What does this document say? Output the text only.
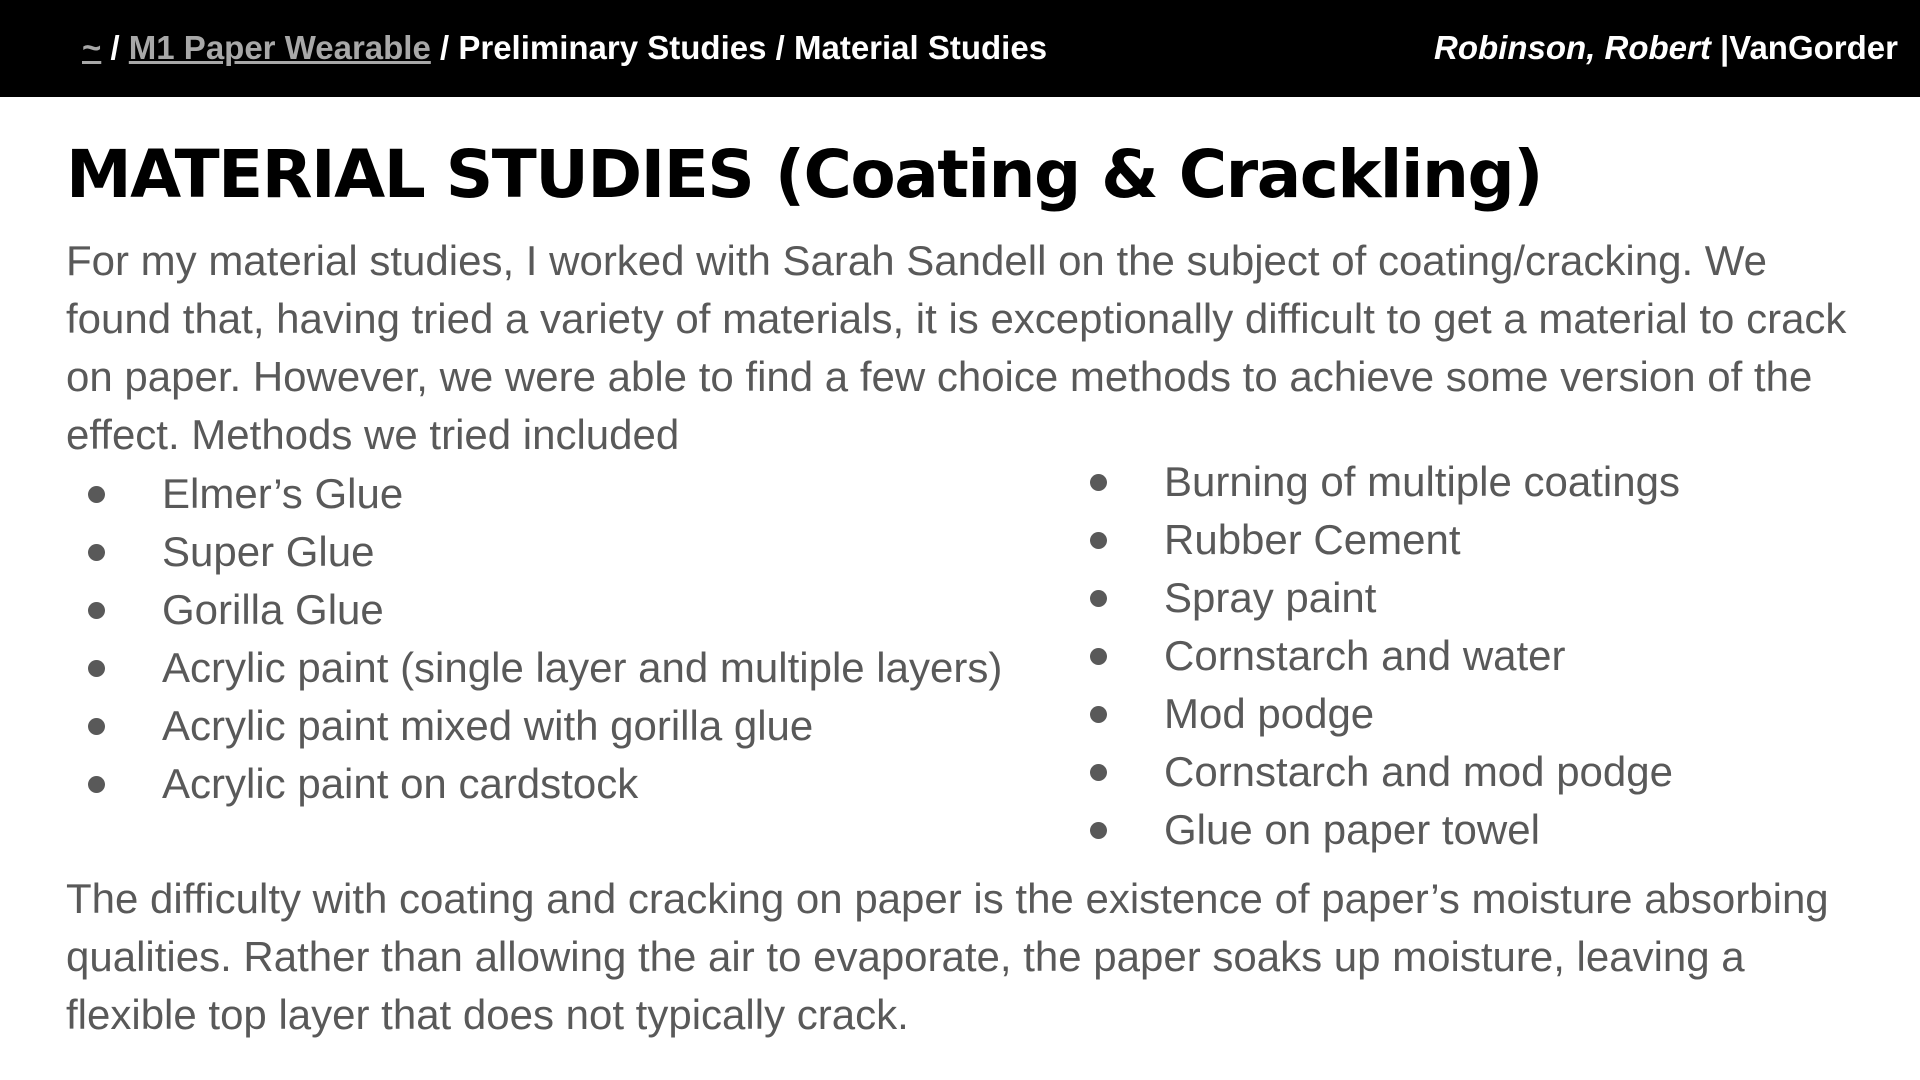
~ / M1 Paper Wearable / Preliminary Studies / Material Studies	Robinson, Robert |VanGorder
MATERIAL STUDIES (Coating & Crackling)

For my material studies, I worked with Sarah Sandell on the subject of coating/cracking. We found that, having tried a variety of materials, it is exceptionally difficult to get a material to crack on paper. However, we were able to find a few choice methods to achieve some version of the effect. Methods we tried included

Elmer’s Glue
Super Glue
Gorilla Glue
Acrylic paint (single layer and multiple layers)
Acrylic paint mixed with gorilla glue
Acrylic paint on cardstock
Burning of multiple coatings
Rubber Cement
Spray paint
Cornstarch and water
Mod podge
Cornstarch and mod podge
Glue on paper towel

The difficulty with coating and cracking on paper is the existence of paper’s moisture absorbing qualities. Rather than allowing the air to evaporate, the paper soaks up moisture, leaving a flexible top layer that does not typically crack.
